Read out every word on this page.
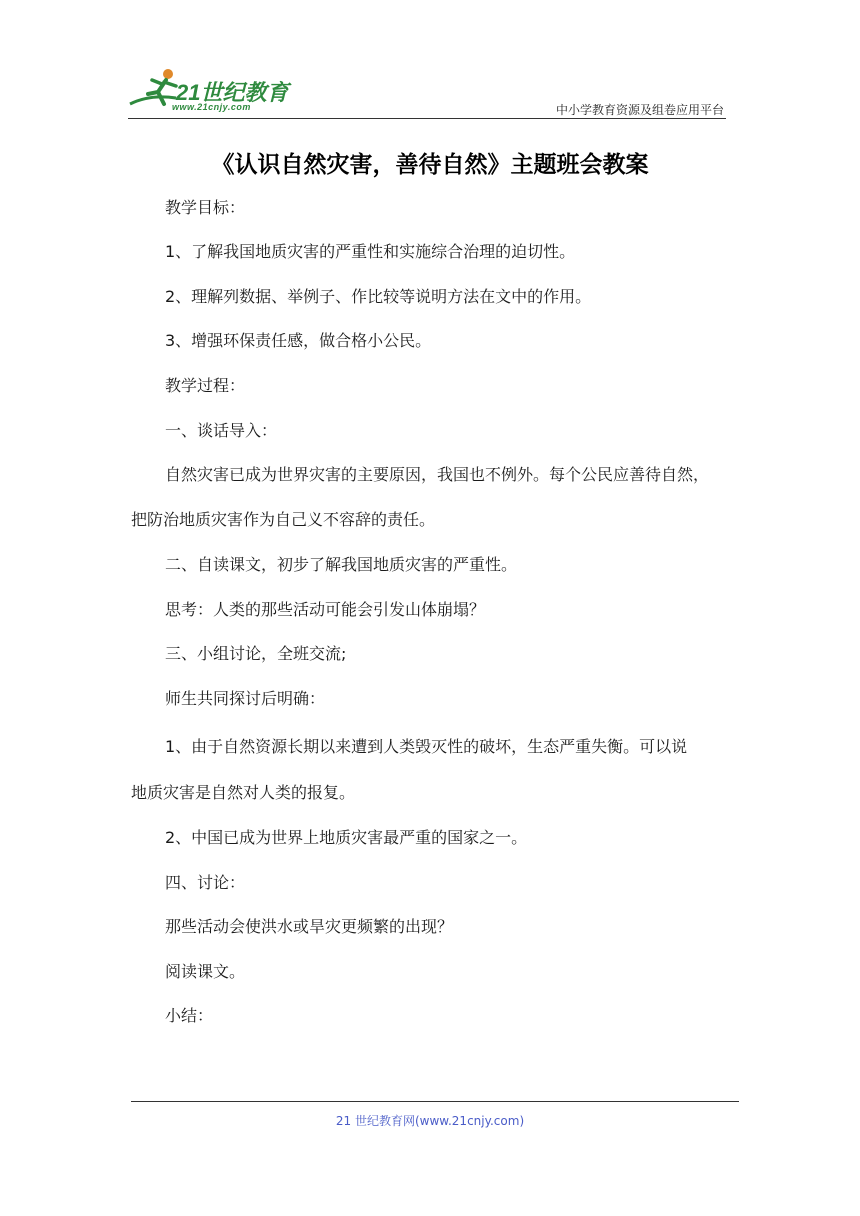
21世纪教育
www.21cnjy.com	中小学教育资源及组卷应用平台
《认识自然灾害，善待自然》主题班会教案
教学目标：
1、了解我国地质灾害的严重性和实施综合治理的迫切性。
2、理解列数据、举例子、作比较等说明方法在文中的作用。
3、增强环保责任感，做合格小公民。
教学过程：
一、谈话导入：
自然灾害已成为世界灾害的主要原因，我国也不例外。每个公民应善待自然，
把防治地质灾害作为自己义不容辞的责任。
二、自读课文，初步了解我国地质灾害的严重性。
思考：人类的那些活动可能会引发山体崩塌？
三、小组讨论，全班交流;
师生共同探讨后明确：
1、由于自然资源长期以来遭到人类毁灭性的破坏，生态严重失衡。可以说
地质灾害是自然对人类的报复。
2、中国已成为世界上地质灾害最严重的国家之一。
四、讨论：
那些活动会使洪水或旱灾更频繁的出现？
阅读课文。
小结：
21 世纪教育网(www.21cnjy.com)
